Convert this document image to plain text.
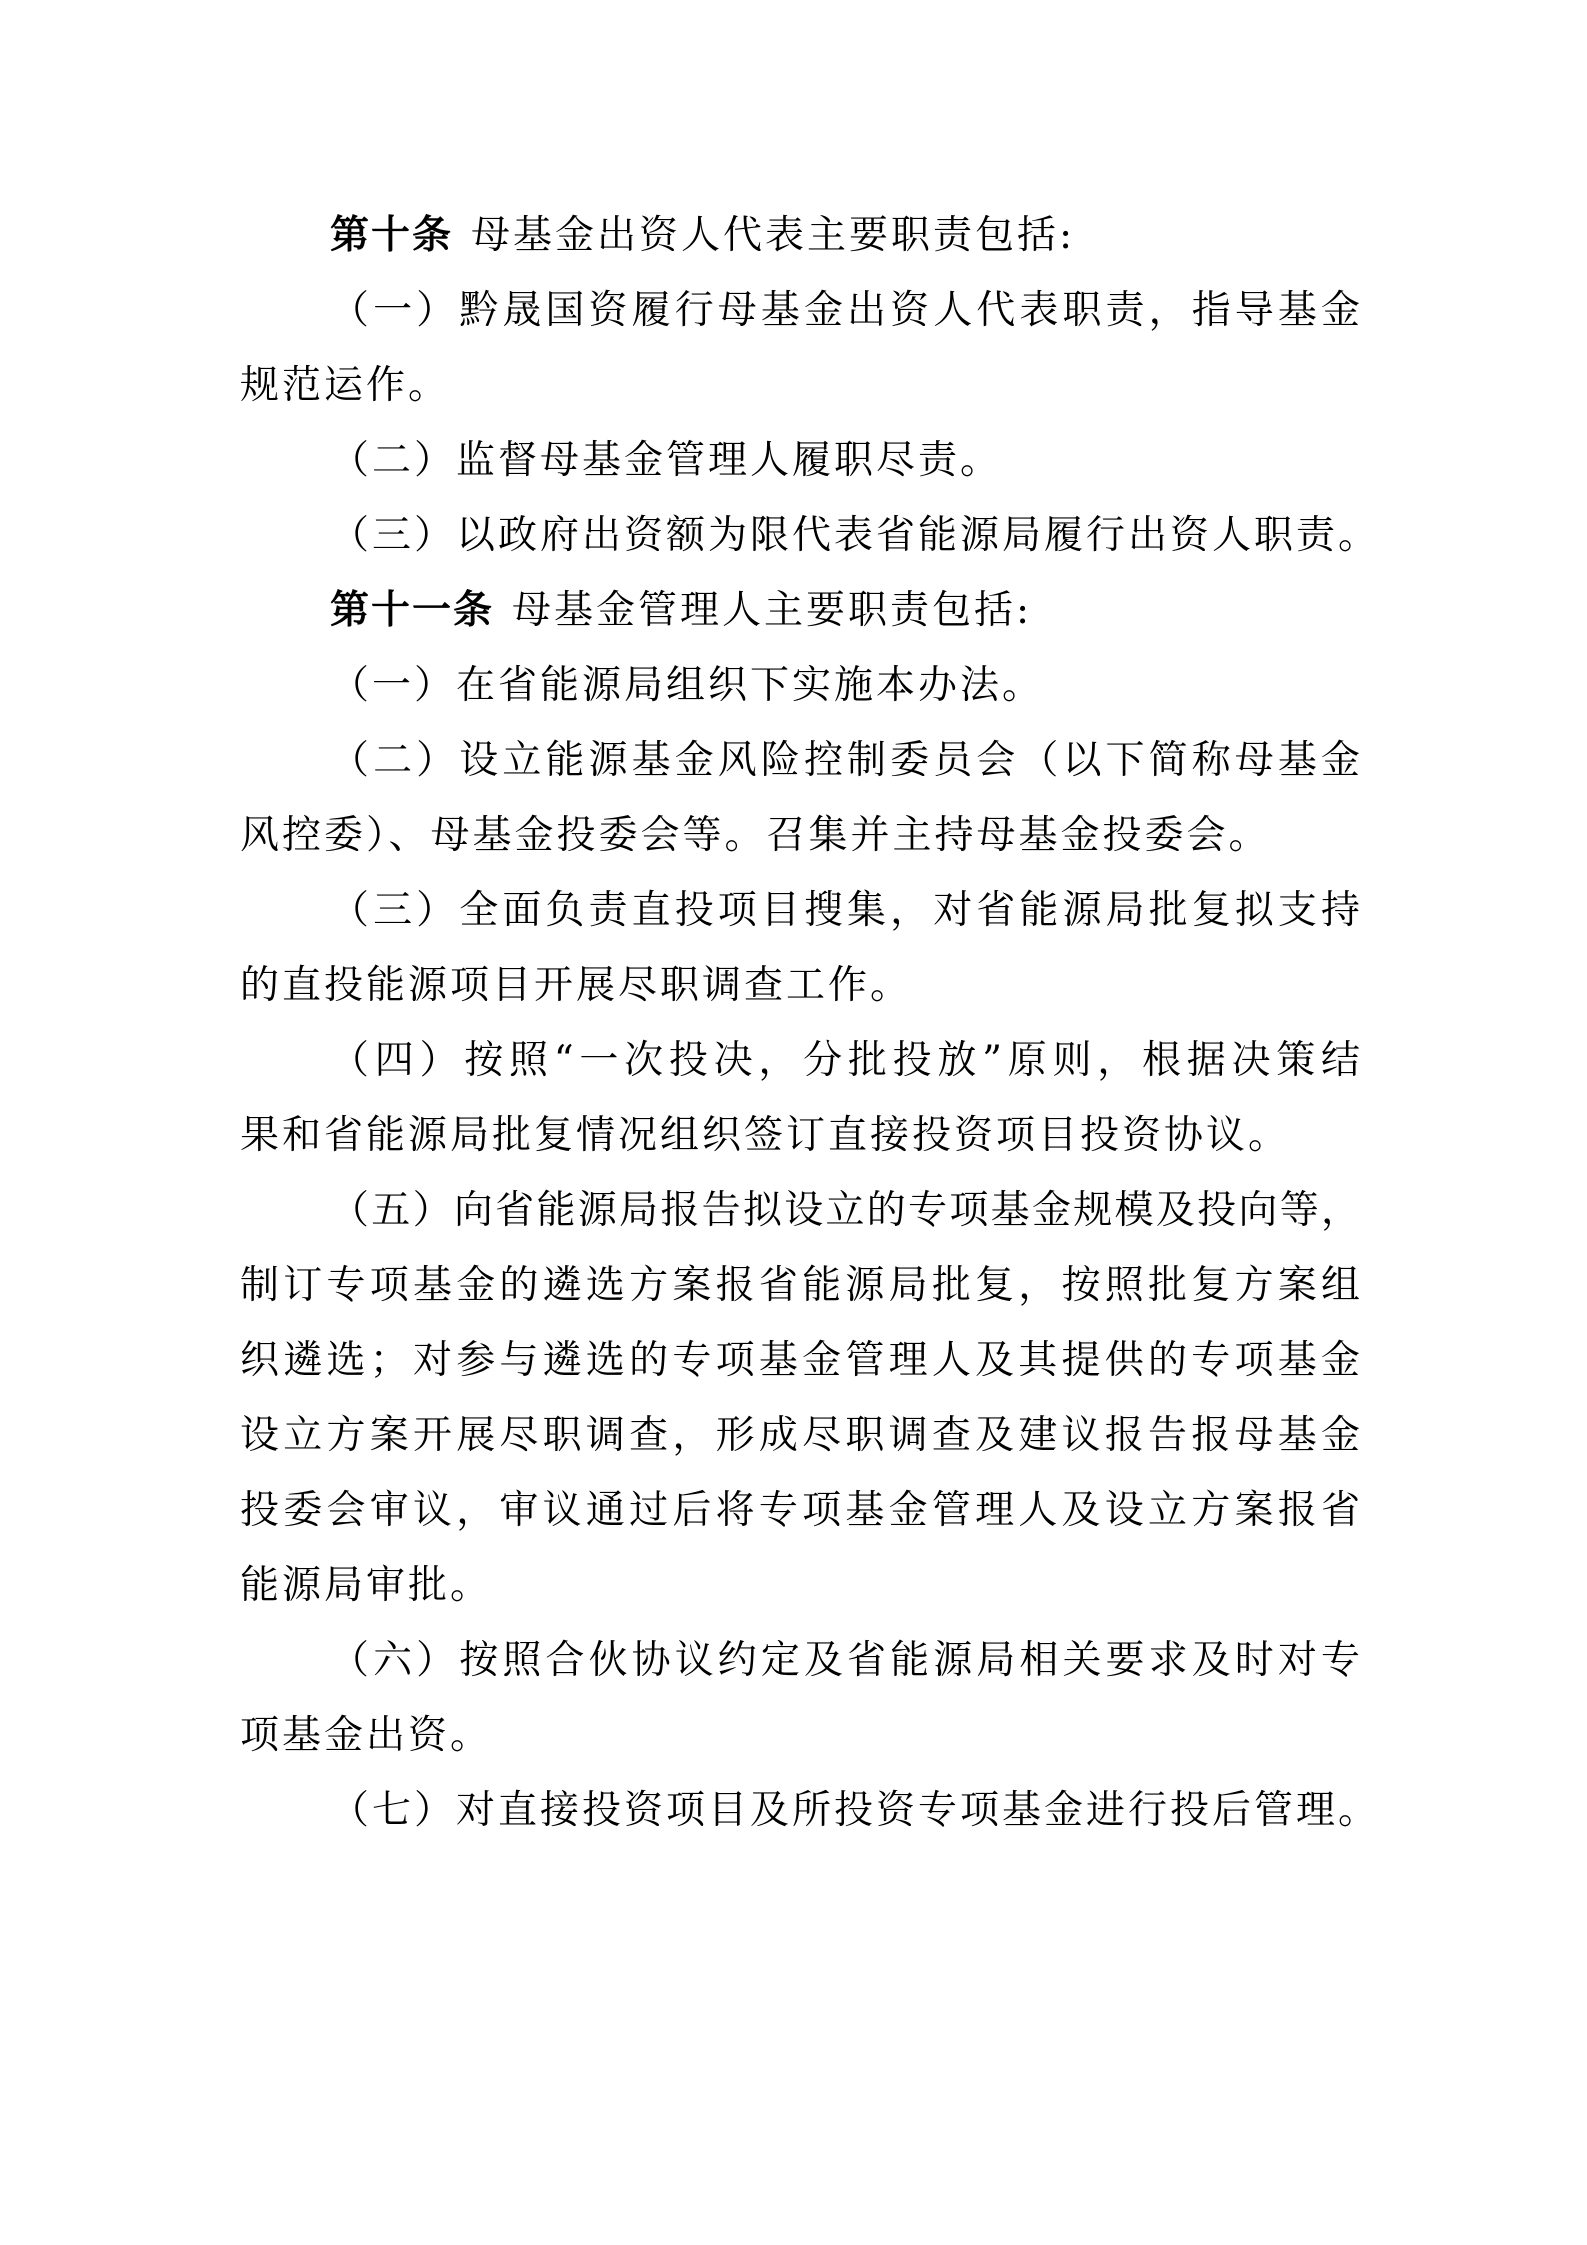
第十条 母基金出资人代表主要职责包括:
（一）黔晟国资履行母基金出资人代表职责，指导基金
规范运作。
（二）监督母基金管理人履职尽责。
（三）以政府出资额为限代表省能源局履行出资人职责。
第十一条 母基金管理人主要职责包括:
（一）在省能源局组织下实施本办法。
（二）设立能源基金风险控制委员会（以下简称母基金
风控委）、母基金投委会等。召集并主持母基金投委会。
（三）全面负责直投项目搜集，对省能源局批复拟支持
的直投能源项目开展尽职调查工作。
（四）按照“一次投决，分批投放”原则，根据决策结
果和省能源局批复情况组织签订直接投资项目投资协议。
（五）向省能源局报告拟设立的专项基金规模及投向等，
制订专项基金的遴选方案报省能源局批复，按照批复方案组
织遴选；对参与遴选的专项基金管理人及其提供的专项基金
设立方案开展尽职调查，形成尽职调查及建议报告报母基金
投委会审议，审议通过后将专项基金管理人及设立方案报省
能源局审批。
（六）按照合伙协议约定及省能源局相关要求及时对专
项基金出资。
（七）对直接投资项目及所投资专项基金进行投后管理。
